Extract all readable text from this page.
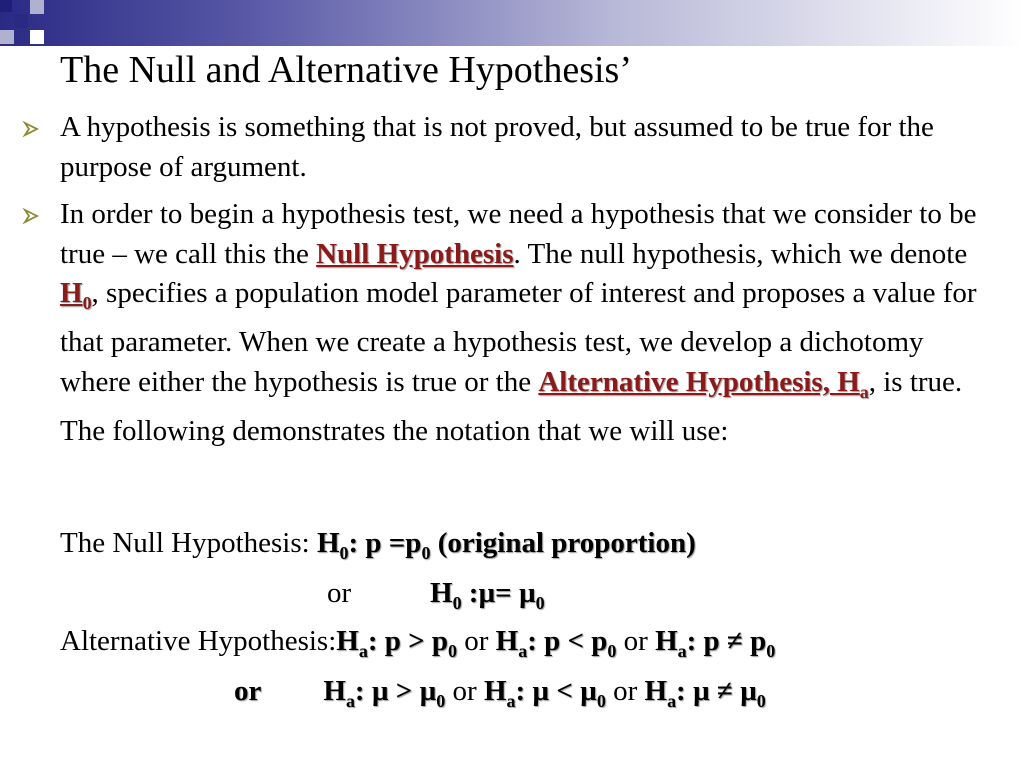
The Null and Alternative Hypothesis’
A hypothesis is something that is not proved, but assumed to be true for the purpose of argument.
In order to begin a hypothesis test, we need a hypothesis that we consider to be true – we call this the Null Hypothesis. The null hypothesis, which we denote $H_0$, specifies a population model parameter of interest and proposes a value for that parameter. When we create a hypothesis test, we develop a dichotomy where either the hypothesis is true or the Alternative Hypothesis, $H_a$, is true. The following demonstrates the notation that we will use:
The Null Hypothesis: $H_0$: $p =p_0$ (original proportion)
or	$H_0$ :µ= µ$_0$
Alternative $Hypothesis:H_a$: $p > p_0$ or $H_a$: $p < p_0$ or $H_a$: $p \ne p_0$
or $H_a$: µ > µ$_0$ or $H_a$: µ < µ$_0$ or $H_a$: µ ≠ µ$_0$
